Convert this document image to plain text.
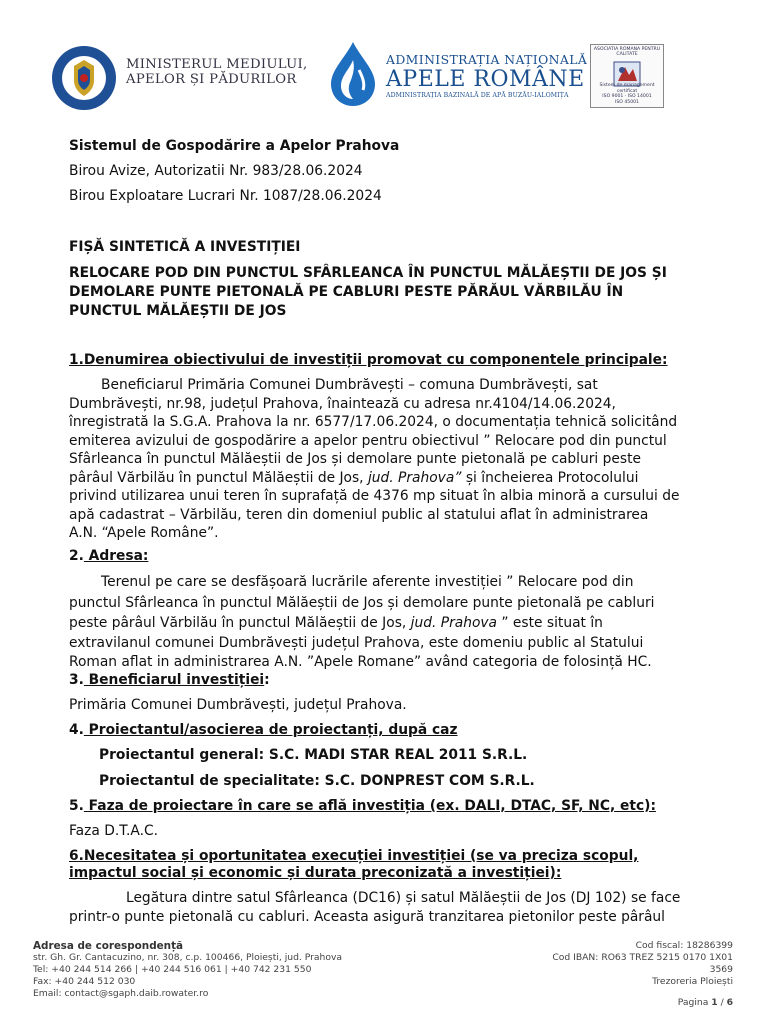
MINISTERUL MEDIULUI,
APELOR ȘI PĂDURILOR
ADMINISTRAȚIA NAȚIONALĂ
APELE ROMÂNE
ADMINISTRAȚIA BAZINALĂ DE APĂ BUZĂU-IALOMIȚA
ASOCIATIA ROMANA PENTRU CALITATE
Sistem de management certificat
ISO 9001 · ISO 14001
ISO 45001
Sistemul de Gospodărire a Apelor Prahova
Birou Avize, Autorizatii Nr. 983/28.06.2024
Birou Exploatare Lucrari Nr. 1087/28.06.2024
FIȘĂ SINTETICĂ A INVESTIȚIEI
RELOCARE POD DIN PUNCTUL SFÂRLEANCA ÎN PUNCTUL MĂLĂEȘTII DE JOS ȘI
DEMOLARE PUNTE PIETONALĂ PE CABLURI PESTE PĂRĂUL VĂRBILĂU ÎN
PUNCTUL MĂLĂEȘTII DE JOS
1.Denumirea obiectivului de investiții promovat cu componentele principale:
Beneficiarul Primăria Comunei Dumbrăvești – comuna Dumbrăvești, sat
Dumbrăvești, nr.98, județul Prahova, înaintează cu adresa nr.4104/14.06.2024,
înregistrată la S.G.A. Prahova la nr. 6577/17.06.2024, o documentația tehnică solicitând
emiterea avizului de gospodărire a apelor pentru obiectivul ” Relocare pod din punctul
Sfârleanca în punctul Mălăeștii de Jos și demolare punte pietonală pe cabluri peste
pârâul Vărbilău în punctul Mălăeștii de Jos, jud. Prahova” și încheierea Protocolului
privind utilizarea unui teren în suprafață de 4376 mp situat în albia minoră a cursului de
apă cadastrat – Vărbilău, teren din domeniul public al statului aflat în administrarea
A.N. “Apele Române”.
2. Adresa:
Terenul pe care se desfășoară lucrările aferente investiției ” Relocare pod din
punctul Sfârleanca în punctul Mălăeștii de Jos și demolare punte pietonală pe cabluri
peste pârâul Vărbilău în punctul Mălăeștii de Jos, jud. Prahova ” este situat în
extravilanul comunei Dumbrăvești județul Prahova, este domeniu public al Statului
Roman aflat in administrarea A.N. ”Apele Romane” având categoria de folosință HC.
3. Beneficiarul investiției:
Primăria Comunei Dumbrăvești, județul Prahova.
4. Proiectantul/asocierea de proiectanți, după caz
Proiectantul general: S.C. MADI STAR REAL 2011 S.R.L.
Proiectantul de specialitate: S.C. DONPREST COM S.R.L.
5. Faza de proiectare în care se află investiția (ex. DALI, DTAC, SF, NC, etc):
Faza D.T.A.C.
6.Necesitatea și oportunitatea execuției investiției (se va preciza scopul,
impactul social și economic și durata preconizată a investiției):
Legătura dintre satul Sfârleanca (DC16) și satul Mălăeștii de Jos (DJ 102) se face
printr-o punte pietonală cu cabluri. Aceasta asigură tranzitarea pietonilor peste pârâul
Adresa de corespondență
str. Gh. Gr. Cantacuzino, nr. 308, c.p. 100466, Ploiești, jud. Prahova
Tel: +40 244 514 266 | +40 244 516 061 | +40 742 231 550
Fax: +40 244 512 030
Email: contact@sgaph.daib.rowater.ro
Cod fiscal: 18286399
Cod IBAN: RO63 TREZ 5215 0170 1X01
3569
Trezoreria Ploiești
Pagina 1 / 6
